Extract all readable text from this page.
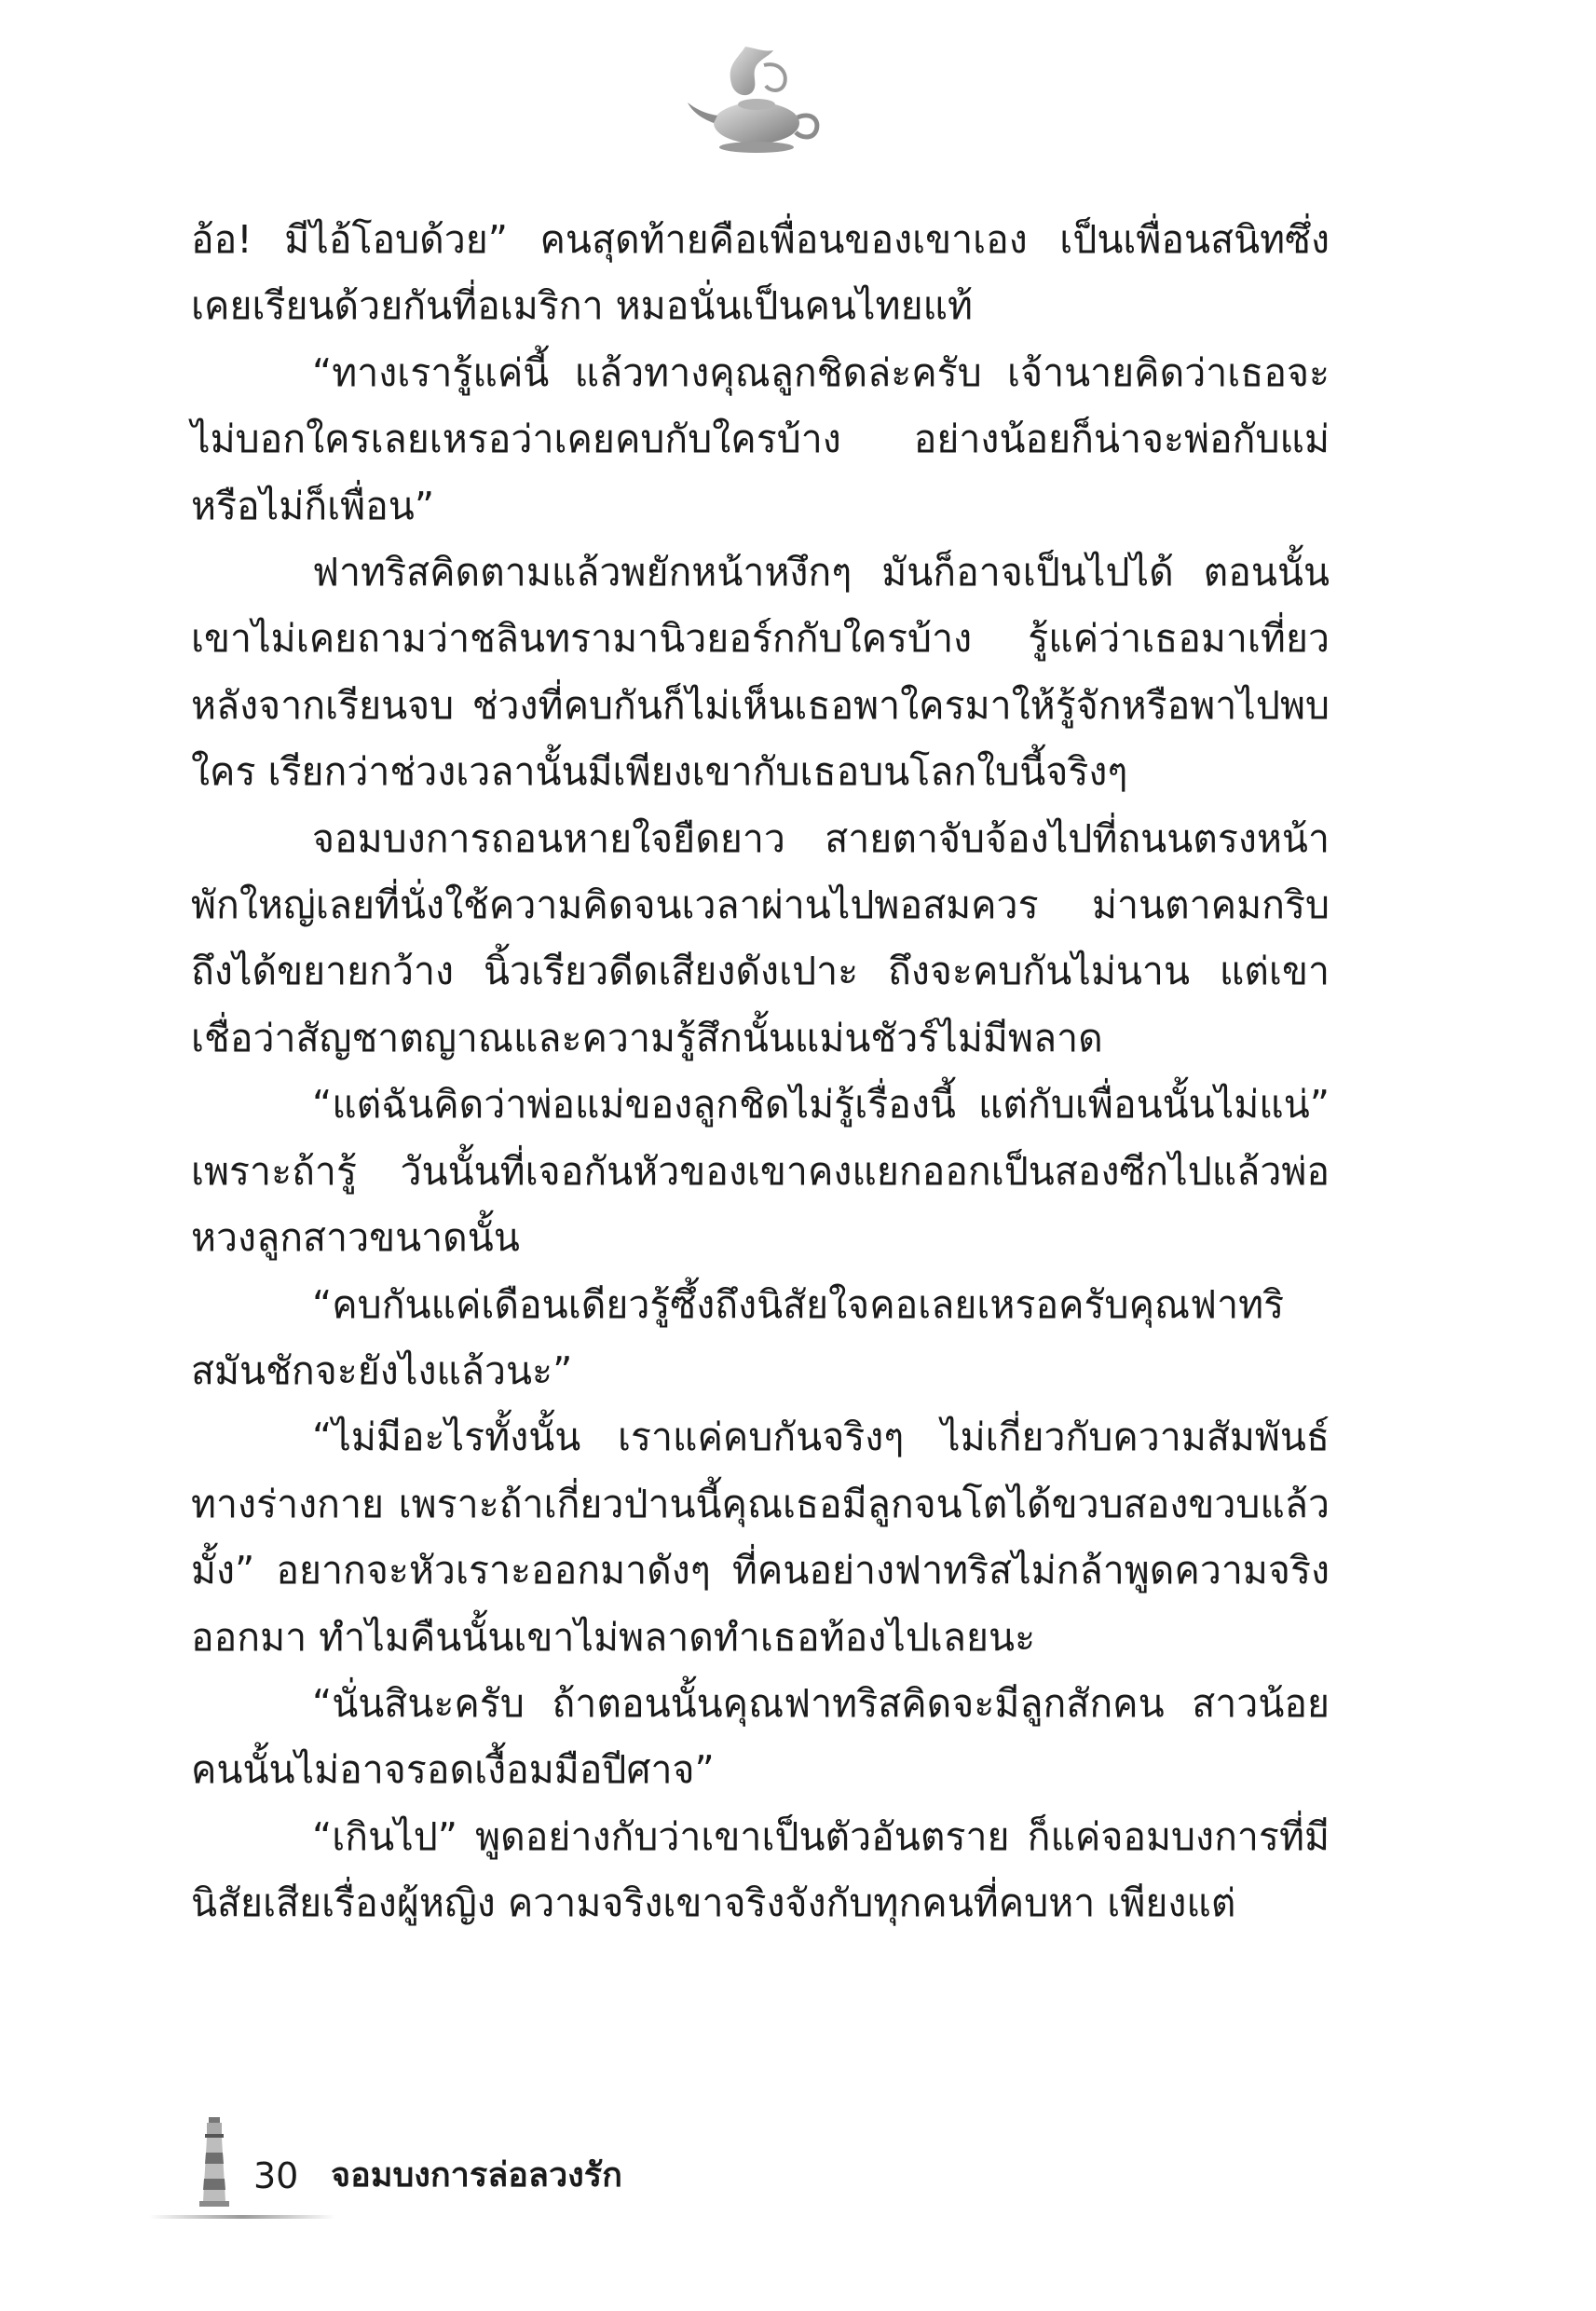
อ้อ! มีไอ้โอบด้วย” คนสุดท้ายคือเพื่อนของเขาเอง เป็นเพื่อนสนิทซึ่งเคยเรียนด้วยกันที่อเมริกา หมอนั่นเป็นคนไทยแท้

“ทางเรารู้แค่นี้ แล้วทางคุณลูกชิดล่ะครับ เจ้านายคิดว่าเธอจะไม่บอกใครเลยเหรอว่าเคยคบกับใครบ้าง อย่างน้อยก็น่าจะพ่อกับแม่หรือไม่ก็เพื่อน”

ฟาทริสคิดตามแล้วพยักหน้าหงึกๆ มันก็อาจเป็นไปได้ ตอนนั้นเขาไม่เคยถามว่าชลินทรามานิวยอร์กกับใครบ้าง รู้แค่ว่าเธอมาเที่ยวหลังจากเรียนจบ ช่วงที่คบกันก็ไม่เห็นเธอพาใครมาให้รู้จักหรือพาไปพบใคร เรียกว่าช่วงเวลานั้นมีเพียงเขากับเธอบนโลกใบนี้จริงๆ

จอมบงการถอนหายใจยืดยาว สายตาจับจ้องไปที่ถนนตรงหน้าพักใหญ่เลยที่นั่งใช้ความคิดจนเวลาผ่านไปพอสมควร ม่านตาคมกริบถึงได้ขยายกว้าง นิ้วเรียวดีดเสียงดังเปาะ ถึงจะคบกันไม่นาน แต่เขาเชื่อว่าสัญชาตญาณและความรู้สึกนั้นแม่นชัวร์ไม่มีพลาด

“แต่ฉันคิดว่าพ่อแม่ของลูกชิดไม่รู้เรื่องนี้ แต่กับเพื่อนนั้นไม่แน่” เพราะถ้ารู้ วันนั้นที่เจอกันหัวของเขาคงแยกออกเป็นสองซีกไปแล้วพ่อหวงลูกสาวขนาดนั้น

“คบกันแค่เดือนเดียวรู้ซึ้งถึงนิสัยใจคอเลยเหรอครับคุณฟาทริสมันชักจะยังไงแล้วนะ”

“ไม่มีอะไรทั้งนั้น เราแค่คบกันจริงๆ ไม่เกี่ยวกับความสัมพันธ์ทางร่างกาย เพราะถ้าเกี่ยวป่านนี้คุณเธอมีลูกจนโตได้ขวบสองขวบแล้วมั้ง” อยากจะหัวเราะออกมาดังๆ ที่คนอย่างฟาทริสไม่กล้าพูดความจริงออกมา ทำไมคืนนั้นเขาไม่พลาดทำเธอท้องไปเลยนะ

“นั่นสินะครับ ถ้าตอนนั้นคุณฟาทริสคิดจะมีลูกสักคน สาวน้อยคนนั้นไม่อาจรอดเงื้อมมือปีศาจ”

“เกินไป” พูดอย่างกับว่าเขาเป็นตัวอันตราย ก็แค่จอมบงการที่มีนิสัยเสียเรื่องผู้หญิง ความจริงเขาจริงจังกับทุกคนที่คบหา เพียงแต่

30 จอมบงการล่อลวงรัก
